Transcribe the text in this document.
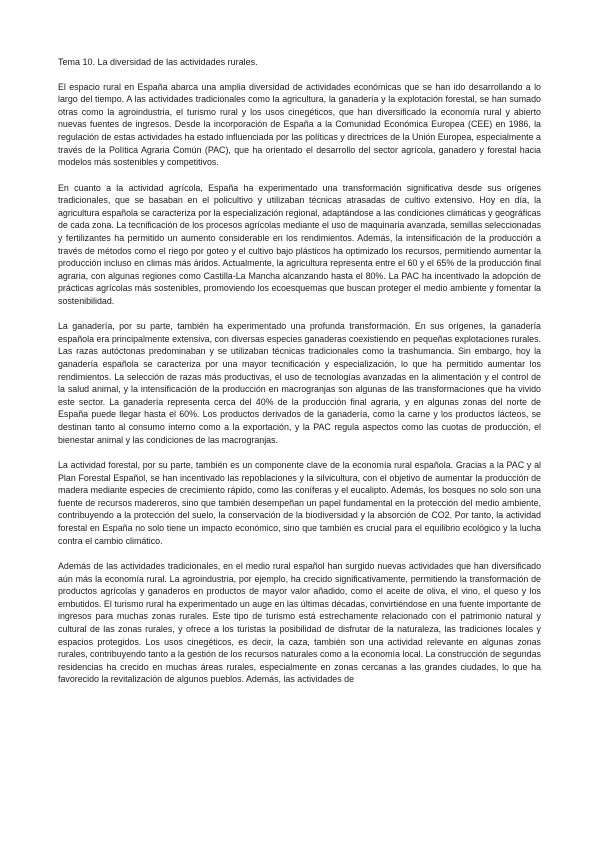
Tema 10. La diversidad de las actividades rurales.

El espacio rural en España abarca una amplia diversidad de actividades económicas que se han ido desarrollando a lo largo del tiempo. A las actividades tradicionales como la agricultura, la ganadería y la explotación forestal, se han sumado otras como la agroindustria, el turismo rural y los usos cinegéticos, que han diversificado la economía rural y abierto nuevas fuentes de ingresos. Desde la incorporación de España a la Comunidad Económica Europea (CEE) en 1986, la regulación de estas actividades ha estado influenciada por las políticas y directrices de la Unión Europea, especialmente a través de la Política Agraria Común (PAC), que ha orientado el desarrollo del sector agrícola, ganadero y forestal hacia modelos más sostenibles y competitivos.

En cuanto a la actividad agrícola, España ha experimentado una transformación significativa desde sus orígenes tradicionales, que se basaban en el policultivo y utilizaban técnicas atrasadas de cultivo extensivo. Hoy en día, la agricultura española se caracteriza por la especialización regional, adaptándose a las condiciones climáticas y geográficas de cada zona. La tecnificación de los procesos agrícolas mediante el uso de maquinaria avanzada, semillas seleccionadas y fertilizantes ha permitido un aumento considerable en los rendimientos. Además, la intensificación de la producción a través de métodos como el riego por goteo y el cultivo bajo plásticos ha optimizado los recursos, permitiendo aumentar la producción incluso en climas más áridos. Actualmente, la agricultura representa entre el 60 y el 65% de la producción final agraria, con algunas regiones como Castilla-La Mancha alcanzando hasta el 80%. La PAC ha incentivado la adopción de prácticas agrícolas más sostenibles, promoviendo los ecoesquemas que buscan proteger el medio ambiente y fomentar la sostenibilidad.

La ganadería, por su parte, también ha experimentado una profunda transformación. En sus orígenes, la ganadería española era principalmente extensiva, con diversas especies ganaderas coexistiendo en pequeñas explotaciones rurales. Las razas autóctonas predominaban y se utilizaban técnicas tradicionales como la trashumancia. Sin embargo, hoy la ganadería española se caracteriza por una mayor tecnificación y especialización, lo que ha permitido aumentar los rendimientos. La selección de razas más productivas, el uso de tecnologías avanzadas en la alimentación y el control de la salud animal, y la intensificación de la producción en macrogranjas son algunas de las transformaciones que ha vivido este sector. La ganadería representa cerca del 40% de la producción final agraria, y en algunas zonas del norte de España puede llegar hasta el 60%. Los productos derivados de la ganadería, como la carne y los productos lácteos, se destinan tanto al consumo interno como a la exportación, y la PAC regula aspectos como las cuotas de producción, el bienestar animal y las condiciones de las macrogranjas.

La actividad forestal, por su parte, también es un componente clave de la economía rural española. Gracias a la PAC y al Plan Forestal Español, se han incentivado las repoblaciones y la silvicultura, con el objetivo de aumentar la producción de madera mediante especies de crecimiento rápido, como las coníferas y el eucalipto. Además, los bosques no solo son una fuente de recursos madereros, sino que también desempeñan un papel fundamental en la protección del medio ambiente, contribuyendo a la protección del suelo, la conservación de la biodiversidad y la absorción de CO2. Por tanto, la actividad forestal en España no solo tiene un impacto económico, sino que también es crucial para el equilibrio ecológico y la lucha contra el cambio climático.

Además de las actividades tradicionales, en el medio rural español han surgido nuevas actividades que han diversificado aún más la economía rural. La agroindustria, por ejemplo, ha crecido significativamente, permitiendo la transformación de productos agrícolas y ganaderos en productos de mayor valor añadido, como el aceite de oliva, el vino, el queso y los embutidos. El turismo rural ha experimentado un auge en las últimas décadas, convirtiéndose en una fuente importante de ingresos para muchas zonas rurales. Este tipo de turismo está estrechamente relacionado con el patrimonio natural y cultural de las zonas rurales, y ofrece a los turistas la posibilidad de disfrutar de la naturaleza, las tradiciones locales y espacios protegidos. Los usos cinegéticos, es decir, la caza, también son una actividad relevante en algunas zonas rurales, contribuyendo tanto a la gestión de los recursos naturales como a la economía local. La construcción de segundas residencias ha crecido en muchas áreas rurales, especialmente en zonas cercanas a las grandes ciudades, lo que ha favorecido la revitalización de algunos pueblos. Además, las actividades de
